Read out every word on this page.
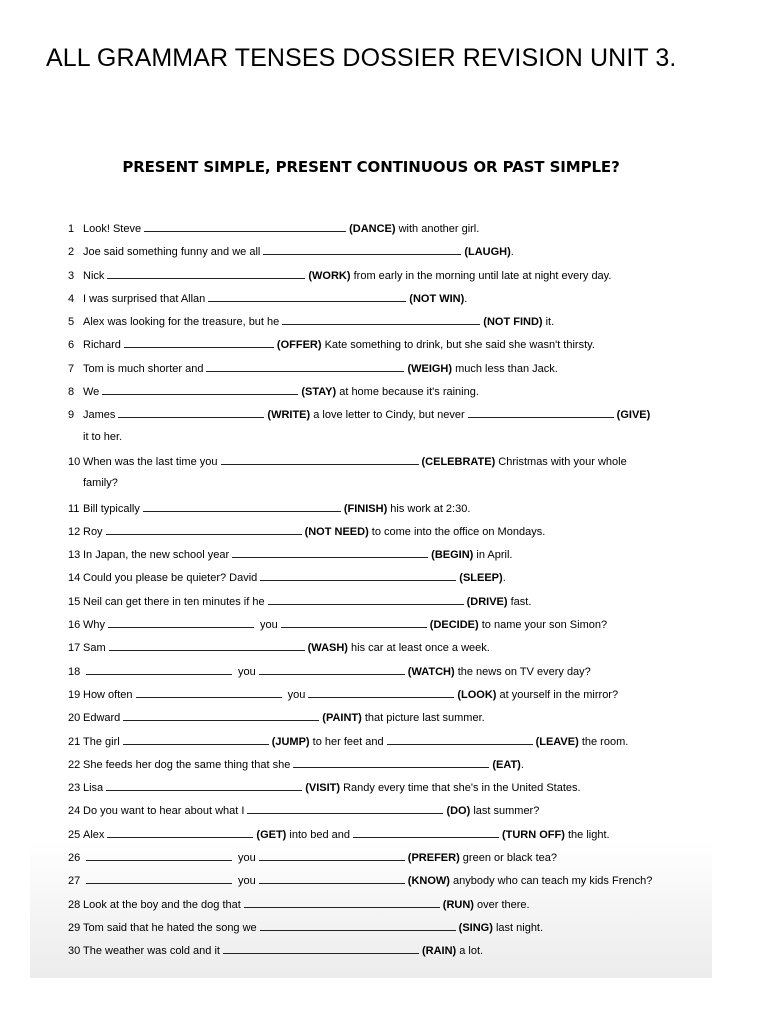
ALL GRAMMAR TENSES DOSSIER REVISION UNIT 3.
PRESENT SIMPLE, PRESENT CONTINUOUS OR PAST SIMPLE?
1 Look! Steve	(DANCE) with another girl.
2 Joe said something funny and we all	(LAUGH) .
3 Nick	(WORK) from early in the morning until late at night every day.
4 I was surprised that Allan	(NOT WIN) .
5 Alex was looking for the treasure, but he	(NOT FIND) it.
6 Richard	(OFFER) Kate something to drink, but she said she wasn't thirsty.
7 Tom is much shorter and	(WEIGH) much less than Jack.
8 We	(STAY) at home because it's raining.
9 James	(WRITE) a love letter to Cindy, but never	(GIVE)
it to her.
10 When was the last time you	(CELEBRATE) Christmas with your whole
family?
11 Bill typically	(FINISH) his work at 2:30.
12 Roy	(NOT NEED) to come into the office on Mondays.
13 In Japan, the new school year	(BEGIN) in April.
14 Could you please be quieter? David	(SLEEP) .
15 Neil can get there in ten minutes if he	(DRIVE) fast.
16 Why	you	(DECIDE) to name your son Simon?
17 Sam	(WASH) his car at least once a week.
18	you	(WATCH) the news on TV every day?
19 How often	you	(LOOK) at yourself in the mirror?
20 Edward	(PAINT) that picture last summer.
21 The girl	(JUMP) to her feet and	(LEAVE) the room.
22 She feeds her dog the same thing that she	(EAT) .
23 Lisa	(VISIT) Randy every time that she's in the United States.
24 Do you want to hear about what I	(DO) last summer?
25 Alex	(GET) into bed and	(TURN OFF) the light.
26	you	(PREFER) green or black tea?
27	you	(KNOW) anybody who can teach my kids French?
28 Look at the boy and the dog that	(RUN) over there.
29 Tom said that he hated the song we	(SING) last night.
30 The weather was cold and it	(RAIN) a lot.
